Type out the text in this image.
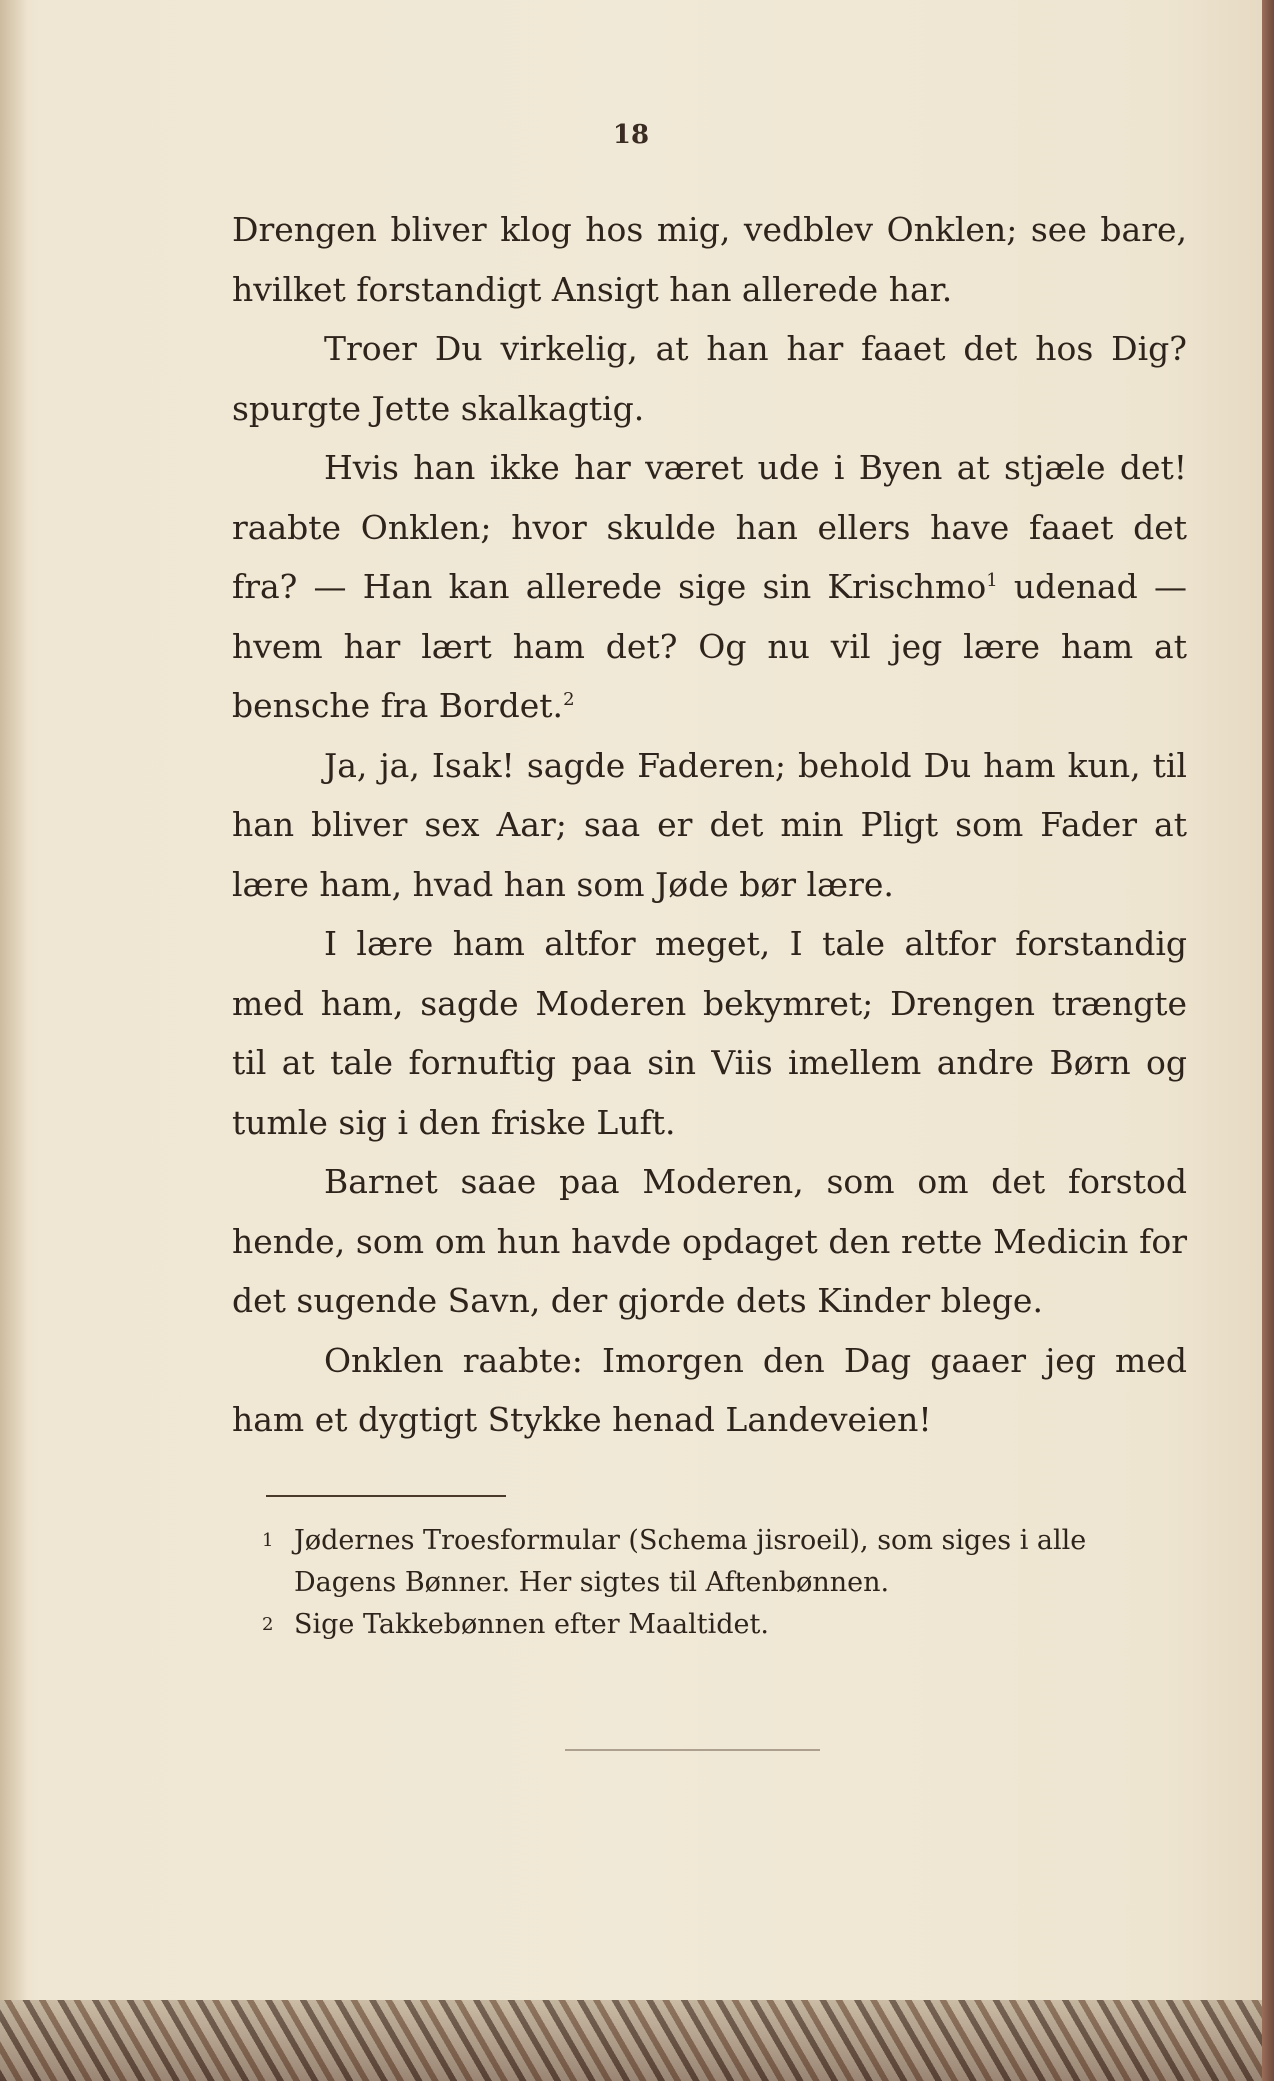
18

Drengen bliver klog hos mig, vedblev Onklen; see bare, hvilket forstandigt Ansigt han allerede har.

Troer Du virkelig, at han har faaet det hos Dig? spurgte Jette skalkagtig.

Hvis han ikke har været ude i Byen at stjæle det! raabte Onklen; hvor skulde han ellers have faaet det fra? — Han kan allerede sige sin Krischmo$^1$ udenad — hvem har lært ham det? Og nu vil jeg lære ham at bensche fra Bordet.$^2$

Ja, ja, Isak! sagde Faderen; behold Du ham kun, til han bliver sex Aar; saa er det min Pligt som Fader at lære ham, hvad han som Jøde bør lære.

I lære ham altfor meget, I tale altfor forstandig med ham, sagde Moderen bekymret; Drengen trængte til at tale fornuftig paa sin Viis imellem andre Børn og tumle sig i den friske Luft.

Barnet saae paa Moderen, som om det forstod hende, som om hun havde opdaget den rette Medicin for det sugende Savn, der gjorde dets Kinder blege.

Onklen raabte: Imorgen den Dag gaaer jeg med ham et dygtigt Stykke henad Landeveien!

1 Jødernes Troesformular (Schema jisroeil), som siges i alle Dagens Bønner. Her sigtes til Aftenbønnen.

2 Sige Takkebønnen efter Maaltidet.
